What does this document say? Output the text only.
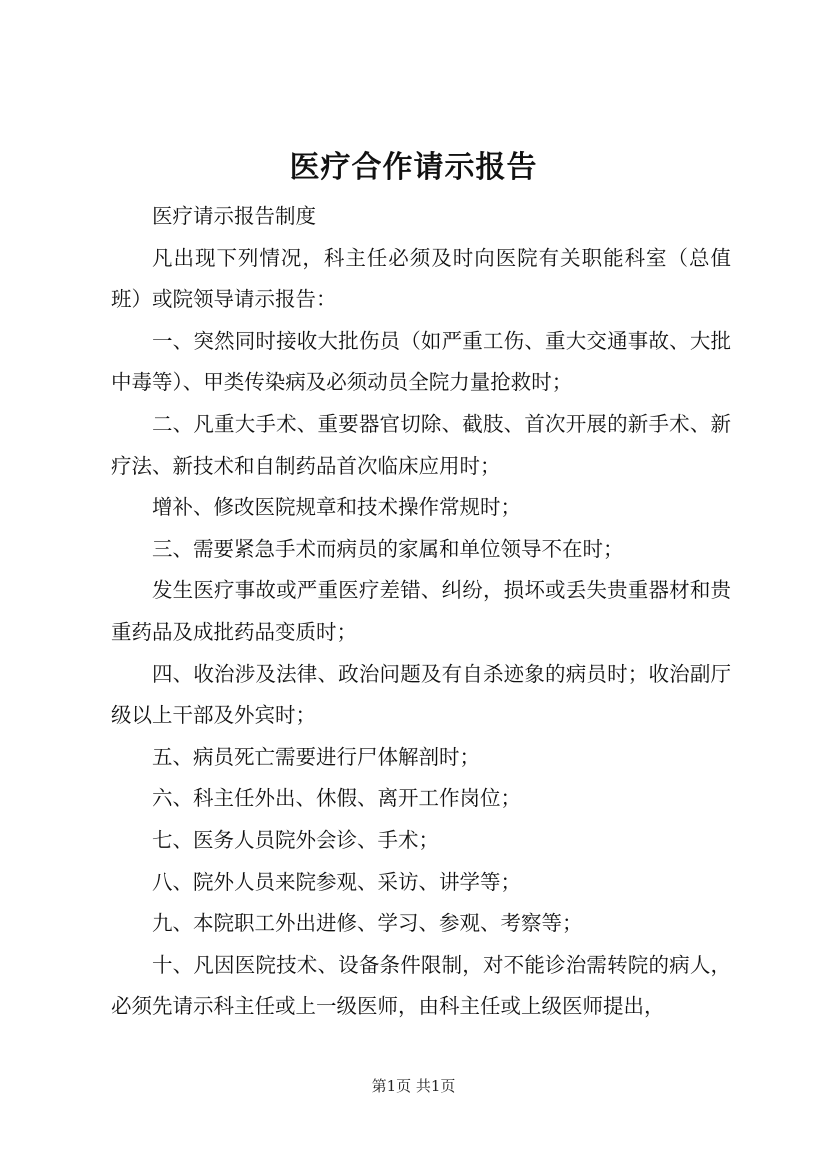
医疗合作请示报告

医疗请示报告制度

凡出现下列情况，科主任必须及时向医院有关职能科室（总值班）或院领导请示报告：

一、突然同时接收大批伤员（如严重工伤、重大交通事故、大批中毒等）、甲类传染病及必须动员全院力量抢救时；

二、凡重大手术、重要器官切除、截肢、首次开展的新手术、新疗法、新技术和自制药品首次临床应用时；

增补、修改医院规章和技术操作常规时；

三、需要紧急手术而病员的家属和单位领导不在时；

发生医疗事故或严重医疗差错、纠纷，损坏或丢失贵重器材和贵重药品及成批药品变质时；

四、收治涉及法律、政治问题及有自杀迹象的病员时；收治副厅级以上干部及外宾时；

五、病员死亡需要进行尸体解剖时；

六、科主任外出、休假、离开工作岗位；

七、医务人员院外会诊、手术；

八、院外人员来院参观、采访、讲学等；

九、本院职工外出进修、学习、参观、考察等；

十、凡因医院技术、设备条件限制，对不能诊治需转院的病人，必须先请示科主任或上一级医师，由科主任或上级医师提出，

第1页 共1页
